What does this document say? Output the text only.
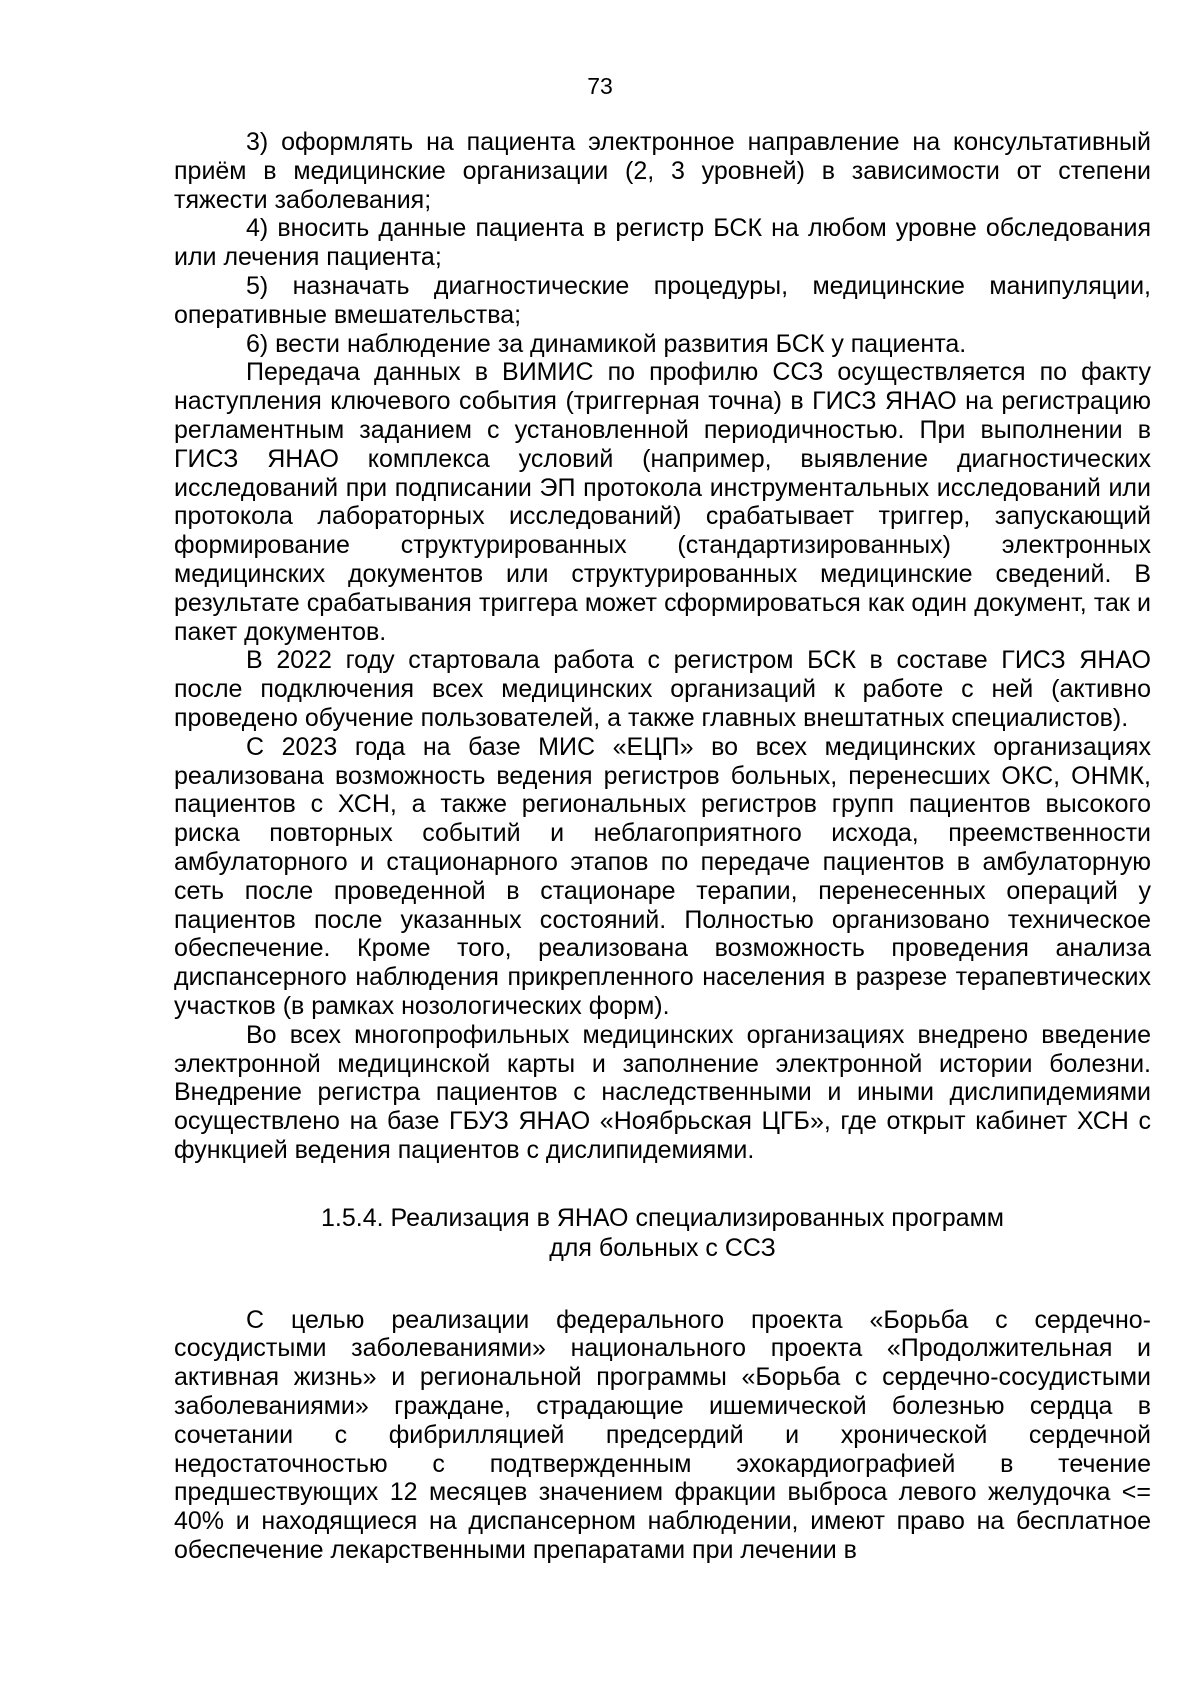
73

3) оформлять на пациента электронное направление на консультативный приём в медицинские организации (2, 3 уровней) в зависимости от степени тяжести заболевания;

4) вносить данные пациента в регистр БСК на любом уровне обследования или лечения пациента;

5) назначать диагностические процедуры, медицинские манипуляции, оперативные вмешательства;

6) вести наблюдение за динамикой развития БСК у пациента.

Передача данных в ВИМИС по профилю ССЗ осуществляется по факту наступления ключевого события (триггерная точна) в ГИСЗ ЯНАО на регистрацию регламентным заданием с установленной периодичностью. При выполнении в ГИСЗ ЯНАО комплекса условий (например, выявление диагностических исследований при подписании ЭП протокола инструментальных исследований или протокола лабораторных исследований) срабатывает триггер, запускающий формирование структурированных (стандартизированных) электронных медицинских документов или структурированных медицинские сведений. В результате срабатывания триггера может сформироваться как один документ, так и пакет документов.

В 2022 году стартовала работа с регистром БСК в составе ГИСЗ ЯНАО после подключения всех медицинских организаций к работе с ней (активно проведено обучение пользователей, а также главных внештатных специалистов).

С 2023 года на базе МИС «ЕЦП» во всех медицинских организациях реализована возможность ведения регистров больных, перенесших ОКС, ОНМК, пациентов с ХСН, а также региональных регистров групп пациентов высокого риска повторных событий и неблагоприятного исхода, преемственности амбулаторного и стационарного этапов по передаче пациентов в амбулаторную сеть после проведенной в стационаре терапии, перенесенных операций у пациентов после указанных состояний. Полностью организовано техническое обеспечение. Кроме того, реализована возможность проведения анализа диспансерного наблюдения прикрепленного населения в разрезе терапевтических участков (в рамках нозологических форм).

Во всех многопрофильных медицинских организациях внедрено введение электронной медицинской карты и заполнение электронной истории болезни. Внедрение регистра пациентов с наследственными и иными дислипидемиями осуществлено на базе ГБУЗ ЯНАО «Ноябрьская ЦГБ», где открыт кабинет ХСН с функцией ведения пациентов с дислипидемиями.

1.5.4. Реализация в ЯНАО специализированных программ
для больных с ССЗ

С целью реализации федерального проекта «Борьба с сердечно-сосудистыми заболеваниями» национального проекта «Продолжительная и активная жизнь» и региональной программы «Борьба с сердечно-сосудистыми заболеваниями» граждане, страдающие ишемической болезнью сердца в сочетании с фибрилляцией предсердий и хронической сердечной недостаточностью с подтвержденным эхокардиографией в течение предшествующих 12 месяцев значением фракции выброса левого желудочка <= 40% и находящиеся на диспансерном наблюдении, имеют право на бесплатное обеспечение лекарственными препаратами при лечении в
